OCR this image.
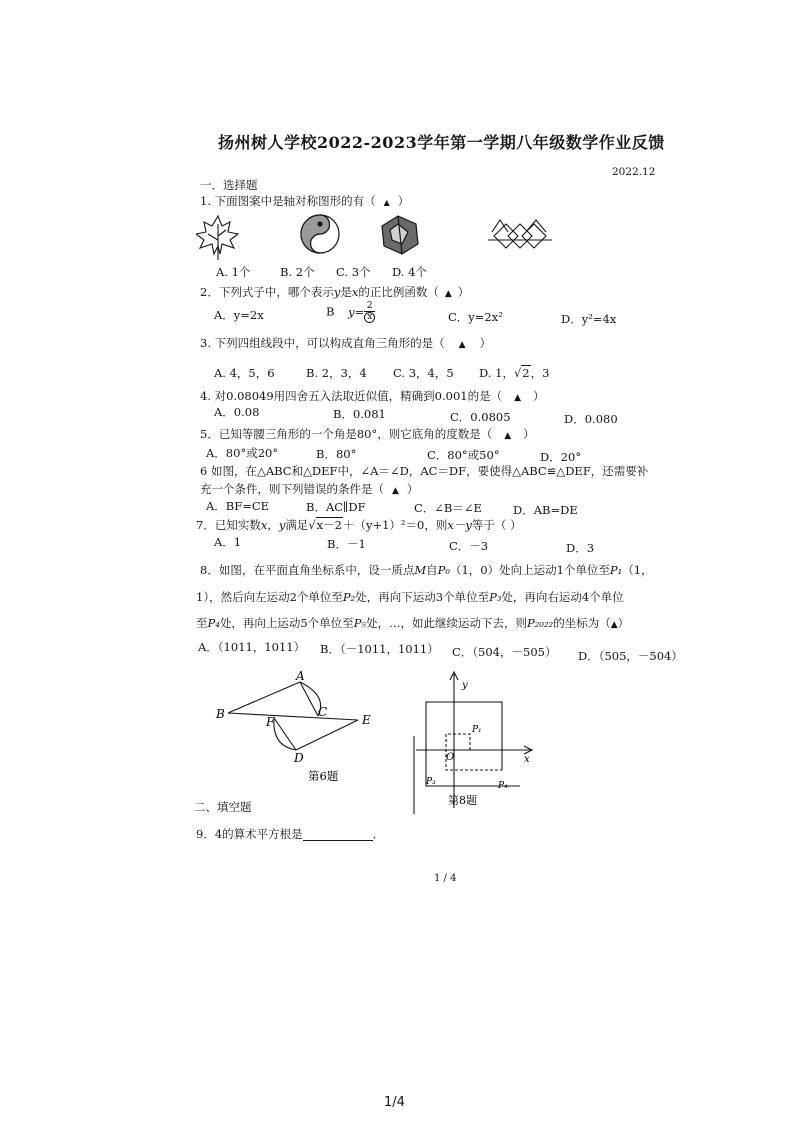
扬州树人学校2022-2023学年第一学期八年级数学作业反馈
2022.12
一．选择题
1. 下面图案中是轴对称图形的有（ ▲ ）
A. 1个	B. 2个 C. 3个 D. 4个
2．下列式子中，哪个表示y是x的正比例函数（ ▲ ）
A．y=2x	B $y= \frac{2}{x}$	C．y=2x²	D．y²=4x
3. 下列四组线段中，可以构成直角三角形的是（ ▲ ）
A. 4，5，6	B. 2，3，4 C. 3，4，5 D. 1，√2，3
4. 对0.08049用四舍五入法取近似值，精确到0.001的是（ ▲ ）
A．0.08	B．0.081	C．0.0805	D．0.080
5．已知等腰三角形的一个角是80°，则它底角的度数是（ ▲ ）
A．80°或20°	B．80°	C．80°或50°	D．20°
6 如图，在△ABC和△DEF中，∠A＝∠D，AC＝DF，要使得△ABC≌△DEF，还需要补
充一个条件，则下列错误的条件是（ ▲ ）
A．BF=CE	B．AC∥DF	C．∠B＝∠E	D．AB=DE
7．已知实数x，y满足√x－2＋（y+1）²＝0，则x－y等于（ ）
A．1	B．－1	C．－3	D．3
8．如图，在平面直角坐标系中，设一质点M自P₀（1，0）处向上运动1个单位至P₁（1，
1），然后向左运动2个单位至P₂处，再向下运动3个单位至P₃处，再向右运动4个单位
至P₄处，再向上运动5个单位至P₅处，…，如此继续运动下去，则P₂₀₂₂的坐标为（▲）
A．（1011，1011） B．（－1011，1011） C．（504，－505） D．（505，－504）
A
B	C
D
E
F
第6题
y
x
O
P₁
P₃	P₄
第8题
二、填空题
9．4的算术平方根是	．
1 / 4
1/4
